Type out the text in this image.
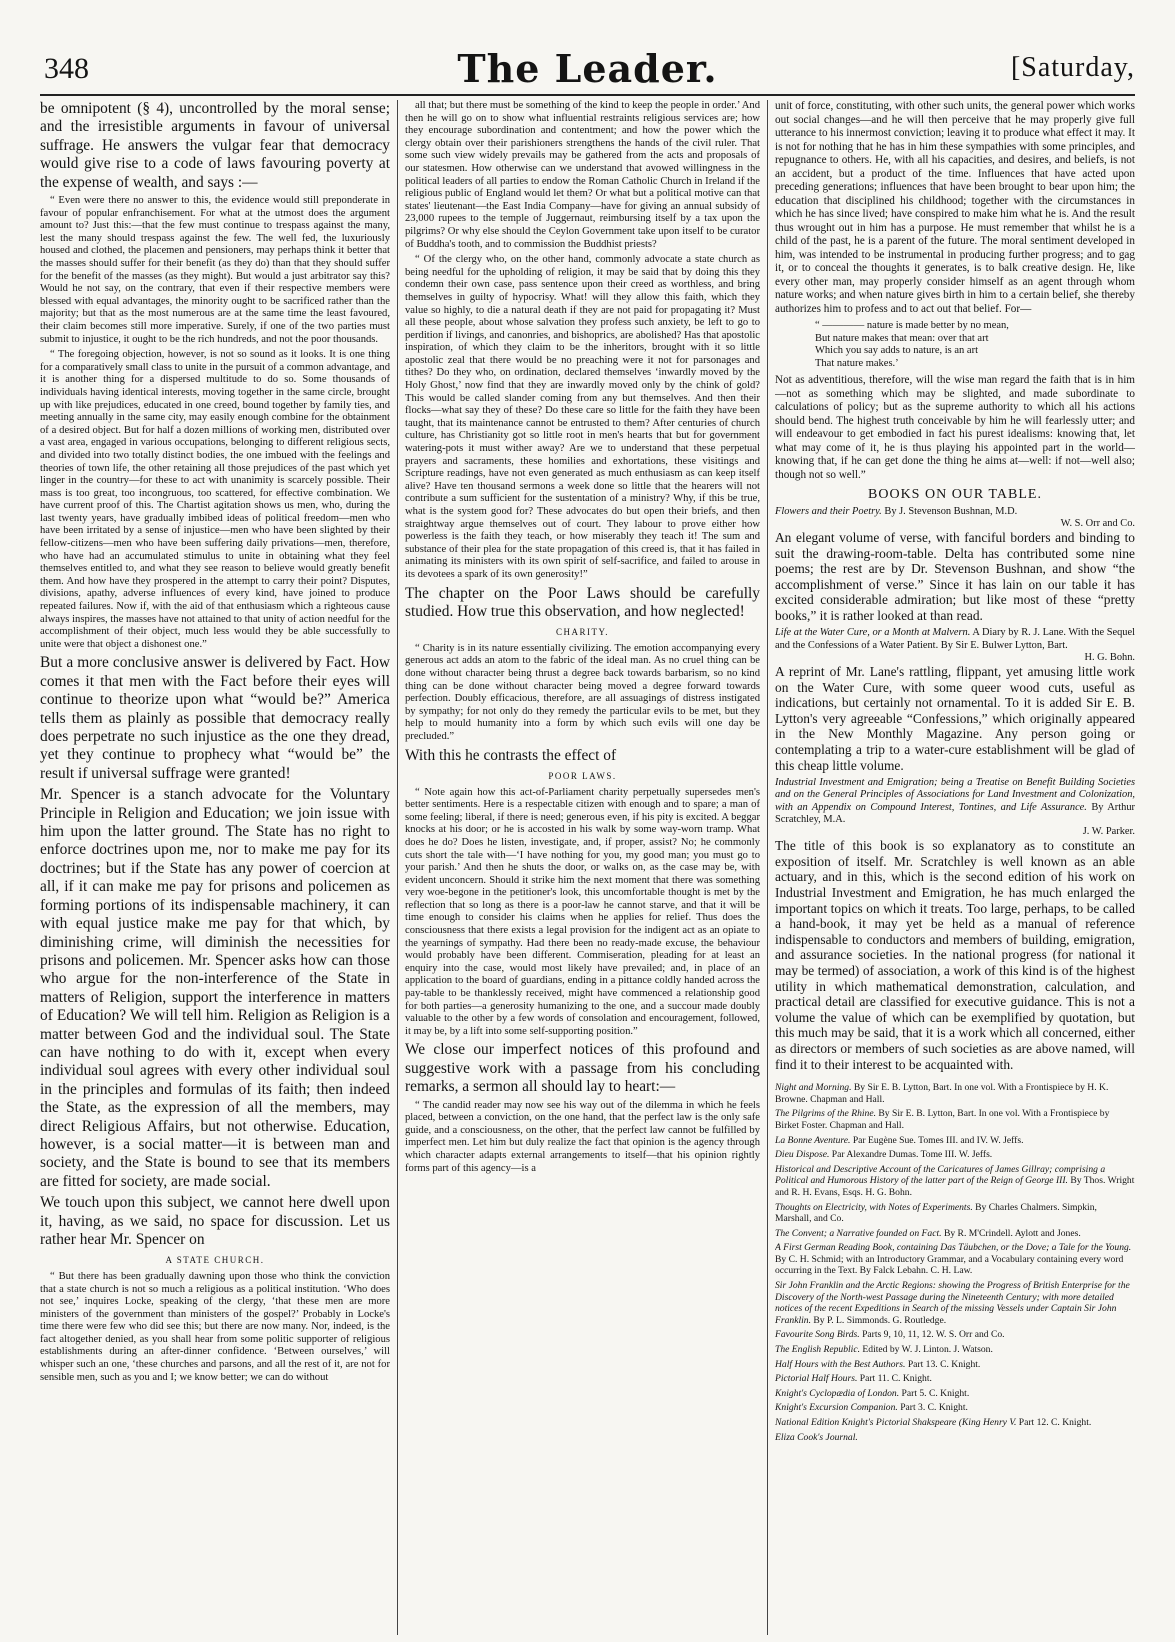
348	The Leader.	[Saturday,

be omnipotent (§ 4), uncontrolled by the moral sense; and the irresistible arguments in favour of universal suffrage. He answers the vulgar fear that democracy would give rise to a code of laws favouring poverty at the expense of wealth, and says :—

“ Even were there no answer to this, the evidence would still preponderate in favour of popular enfranchisement. For what at the utmost does the argument amount to? Just this:—that the few must continue to trespass against the many, lest the many should trespass against the few. The well fed, the luxuriously housed and clothed, the placemen and pensioners, may perhaps think it better that the masses should suffer for their benefit (as they do) than that they should suffer for the benefit of the masses (as they might). But would a just arbitrator say this? Would he not say, on the contrary, that even if their respective members were blessed with equal advantages, the minority ought to be sacrificed rather than the majority; but that as the most numerous are at the same time the least favoured, their claim becomes still more imperative. Surely, if one of the two parties must submit to injustice, it ought to be the rich hundreds, and not the poor thousands.

“ The foregoing objection, however, is not so sound as it looks. It is one thing for a comparatively small class to unite in the pursuit of a common advantage, and it is another thing for a dispersed multitude to do so. Some thousands of individuals having identical interests, moving together in the same circle, brought up with like prejudices, educated in one creed, bound together by family ties, and meeting annually in the same city, may easily enough combine for the obtainment of a desired object. But for half a dozen millions of working men, distributed over a vast area, engaged in various occupations, belonging to different religious sects, and divided into two totally distinct bodies, the one imbued with the feelings and theories of town life, the other retaining all those prejudices of the past which yet linger in the country—for these to act with unanimity is scarcely possible. Their mass is too great, too incongruous, too scattered, for effective combination. We have current proof of this. The Chartist agitation shows us men, who, during the last twenty years, have gradually imbibed ideas of political freedom—men who have been irritated by a sense of injustice—men who have been slighted by their fellow-citizens—men who have been suffering daily privations—men, therefore, who have had an accumulated stimulus to unite in obtaining what they feel themselves entitled to, and what they see reason to believe would greatly benefit them. And how have they prospered in the attempt to carry their point? Disputes, divisions, apathy, adverse influences of every kind, have joined to produce repeated failures. Now if, with the aid of that enthusiasm which a righteous cause always inspires, the masses have not attained to that unity of action needful for the accomplishment of their object, much less would they be able successfully to unite were that object a dishonest one.”

But a more conclusive answer is delivered by Fact. How comes it that men with the Fact before their eyes will continue to theorize upon what “would be?” America tells them as plainly as possible that democracy really does perpetrate no such injustice as the one they dread, yet they continue to prophecy what “would be” the result if universal suffrage were granted!

Mr. Spencer is a stanch advocate for the Voluntary Principle in Religion and Education; we join issue with him upon the latter ground. The State has no right to enforce doctrines upon me, nor to make me pay for its doctrines; but if the State has any power of coercion at all, if it can make me pay for prisons and policemen as forming portions of its indispensable machinery, it can with equal justice make me pay for that which, by diminishing crime, will diminish the necessities for prisons and policemen. Mr. Spencer asks how can those who argue for the non-interference of the State in matters of Religion, support the interference in matters of Education? We will tell him. Religion as Religion is a matter between God and the individual soul. The State can have nothing to do with it, except when every individual soul agrees with every other individual soul in the principles and formulas of its faith; then indeed the State, as the expression of all the members, may direct Religious Affairs, but not otherwise. Education, however, is a social matter—it is between man and society, and the State is bound to see that its members are fitted for society, are made social.

We touch upon this subject, we cannot here dwell upon it, having, as we said, no space for discussion. Let us rather hear Mr. Spencer on

A STATE CHURCH.

“ But there has been gradually dawning upon those who think the conviction that a state church is not so much a religious as a political institution. ‘Who does not see,’ inquires Locke, speaking of the clergy, ‘that these men are more ministers of the government than ministers of the gospel?’ Probably in Locke's time there were few who did see this; but there are now many. Nor, indeed, is the fact altogether denied, as you shall hear from some politic supporter of religious establishments during an after-dinner confidence. ‘Between ourselves,’ will whisper such an one, ‘these churches and parsons, and all the rest of it, are not for sensible men, such as you and I; we know better; we can do without

all that; but there must be something of the kind to keep the people in order.’ And then he will go on to show what influential restraints religious services are; how they encourage subordination and contentment; and how the power which the clergy obtain over their parishioners strengthens the hands of the civil ruler. That some such view widely prevails may be gathered from the acts and proposals of our statesmen. How otherwise can we understand that avowed willingness in the political leaders of all parties to endow the Roman Catholic Church in Ireland if the religious public of England would let them? Or what but a political motive can that states' lieutenant—the East India Company—have for giving an annual subsidy of 23,000 rupees to the temple of Juggernaut, reimbursing itself by a tax upon the pilgrims? Or why else should the Ceylon Government take upon itself to be curator of Buddha's tooth, and to commission the Buddhist priests?

“ Of the clergy who, on the other hand, commonly advocate a state church as being needful for the upholding of religion, it may be said that by doing this they condemn their own case, pass sentence upon their creed as worthless, and bring themselves in guilty of hypocrisy. What! will they allow this faith, which they value so highly, to die a natural death if they are not paid for propagating it? Must all these people, about whose salvation they profess such anxiety, be left to go to perdition if livings, and canonries, and bishoprics, are abolished? Has that apostolic inspiration, of which they claim to be the inheritors, brought with it so little apostolic zeal that there would be no preaching were it not for parsonages and tithes? Do they who, on ordination, declared themselves ‘inwardly moved by the Holy Ghost,’ now find that they are inwardly moved only by the chink of gold? This would be called slander coming from any but themselves. And then their flocks—what say they of these? Do these care so little for the faith they have been taught, that its maintenance cannot be entrusted to them? After centuries of church culture, has Christianity got so little root in men's hearts that but for government watering-pots it must wither away? Are we to understand that these perpetual prayers and sacraments, these homilies and exhortations, these visitings and Scripture readings, have not even generated as much enthusiasm as can keep itself alive? Have ten thousand sermons a week done so little that the hearers will not contribute a sum sufficient for the sustentation of a ministry? Why, if this be true, what is the system good for? These advocates do but open their briefs, and then straightway argue themselves out of court. They labour to prove either how powerless is the faith they teach, or how miserably they teach it! The sum and substance of their plea for the state propagation of this creed is, that it has failed in animating its ministers with its own spirit of self-sacrifice, and failed to arouse in its devotees a spark of its own generosity!”

The chapter on the Poor Laws should be carefully studied. How true this observation, and how neglected!

CHARITY.

“ Charity is in its nature essentially civilizing. The emotion accompanying every generous act adds an atom to the fabric of the ideal man. As no cruel thing can be done without character being thrust a degree back towards barbarism, so no kind thing can be done without character being moved a degree forward towards perfection. Doubly efficacious, therefore, are all assuagings of distress instigated by sympathy; for not only do they remedy the particular evils to be met, but they help to mould humanity into a form by which such evils will one day be precluded.”

With this he contrasts the effect of

POOR LAWS.

“ Note again how this act-of-Parliament charity perpetually supersedes men's better sentiments. Here is a respectable citizen with enough and to spare; a man of some feeling; liberal, if there is need; generous even, if his pity is excited. A beggar knocks at his door; or he is accosted in his walk by some way-worn tramp. What does he do? Does he listen, investigate, and, if proper, assist? No; he commonly cuts short the tale with—‘I have nothing for you, my good man; you must go to your parish.’ And then he shuts the door, or walks on, as the case may be, with evident unconcern. Should it strike him the next moment that there was something very woe-begone in the petitioner's look, this uncomfortable thought is met by the reflection that so long as there is a poor-law he cannot starve, and that it will be time enough to consider his claims when he applies for relief. Thus does the consciousness that there exists a legal provision for the indigent act as an opiate to the yearnings of sympathy. Had there been no ready-made excuse, the behaviour would probably have been different. Commiseration, pleading for at least an enquiry into the case, would most likely have prevailed; and, in place of an application to the board of guardians, ending in a pittance coldly handed across the pay-table to be thanklessly received, might have commenced a relationship good for both parties—a generosity humanizing to the one, and a succour made doubly valuable to the other by a few words of consolation and encouragement, followed, it may be, by a lift into some self-supporting position.”

We close our imperfect notices of this profound and suggestive work with a passage from his concluding remarks, a sermon all should lay to heart:—

“ The candid reader may now see his way out of the dilemma in which he feels placed, between a conviction, on the one hand, that the perfect law is the only safe guide, and a consciousness, on the other, that the perfect law cannot be fulfilled by imperfect men. Let him but duly realize the fact that opinion is the agency through which character adapts external arrangements to itself—that his opinion rightly forms part of this agency—is a

unit of force, constituting, with other such units, the general power which works out social changes—and he will then perceive that he may properly give full utterance to his innermost conviction; leaving it to produce what effect it may. It is not for nothing that he has in him these sympathies with some principles, and repugnance to others. He, with all his capacities, and desires, and beliefs, is not an accident, but a product of the time. Influences that have acted upon preceding generations; influences that have been brought to bear upon him; the education that disciplined his childhood; together with the circumstances in which he has since lived; have conspired to make him what he is. And the result thus wrought out in him has a purpose. He must remember that whilst he is a child of the past, he is a parent of the future. The moral sentiment developed in him, was intended to be instrumental in producing further progress; and to gag it, or to conceal the thoughts it generates, is to balk creative design. He, like every other man, may properly consider himself as an agent through whom nature works; and when nature gives birth in him to a certain belief, she thereby authorizes him to profess and to act out that belief. For—

“ ———— nature is made better by no mean,
But nature makes that mean: over that art
Which you say adds to nature, is an art
That nature makes.’

Not as adventitious, therefore, will the wise man regard the faith that is in him—not as something which may be slighted, and made subordinate to calculations of policy; but as the supreme authority to which all his actions should bend. The highest truth conceivable by him he will fearlessly utter; and will endeavour to get embodied in fact his purest idealisms: knowing that, let what may come of it, he is thus playing his appointed part in the world—knowing that, if he can get done the thing he aims at—well: if not—well also; though not so well.”

BOOKS ON OUR TABLE.
Flowers and their Poetry. By J. Stevenson Bushnan, M.D.
W. S. Orr and Co.

An elegant volume of verse, with fanciful borders and binding to suit the drawing-room-table. Delta has contributed some nine poems; the rest are by Dr. Stevenson Bushnan, and show “the accomplishment of verse.” Since it has lain on our table it has excited considerable admiration; but like most of these “pretty books,” it is rather looked at than read.

Life at the Water Cure, or a Month at Malvern. A Diary by R. J. Lane. With the Sequel and the Confessions of a Water Patient. By Sir E. Bulwer Lytton, Bart.
H. G. Bohn.

A reprint of Mr. Lane's rattling, flippant, yet amusing little work on the Water Cure, with some queer wood cuts, useful as indications, but certainly not ornamental. To it is added Sir E. B. Lytton's very agreeable “Confessions,” which originally appeared in the New Monthly Magazine. Any person going or contemplating a trip to a water-cure establishment will be glad of this cheap little volume.

Industrial Investment and Emigration; being a Treatise on Benefit Building Societies and on the General Principles of Associations for Land Investment and Colonization, with an Appendix on Compound Interest, Tontines, and Life Assurance. By Arthur Scratchley, M.A.
J. W. Parker.

The title of this book is so explanatory as to constitute an exposition of itself. Mr. Scratchley is well known as an able actuary, and in this, which is the second edition of his work on Industrial Investment and Emigration, he has much enlarged the important topics on which it treats. Too large, perhaps, to be called a hand-book, it may yet be held as a manual of reference indispensable to conductors and members of building, emigration, and assurance societies. In the national progress (for national it may be termed) of association, a work of this kind is of the highest utility in which mathematical demonstration, calculation, and practical detail are classified for executive guidance. This is not a volume the value of which can be exemplified by quotation, but this much may be said, that it is a work which all concerned, either as directors or members of such societies as are above named, will find it to their interest to be acquainted with.

Night and Morning. By Sir E. B. Lytton, Bart. In one vol. With a Frontispiece by H. K. Browne. Chapman and Hall.
The Pilgrims of the Rhine. By Sir E. B. Lytton, Bart. In one vol. With a Frontispiece by Birket Foster. Chapman and Hall.
La Bonne Aventure. Par Eugène Sue. Tomes III. and IV. W. Jeffs.
Dieu Dispose. Par Alexandre Dumas. Tome III. W. Jeffs.
Historical and Descriptive Account of the Caricatures of James Gillray; comprising a Political and Humorous History of the latter part of the Reign of George III. By Thos. Wright and R. H. Evans, Esqs. H. G. Bohn.
Thoughts on Electricity, with Notes of Experiments. By Charles Chalmers. Simpkin, Marshall, and Co.
The Convent; a Narrative founded on Fact. By R. M'Crindell. Aylott and Jones.
A First German Reading Book, containing Das Täubchen, or the Dove; a Tale for the Young. By C. H. Schmid; with an Introductory Grammar, and a Vocabulary containing every word occurring in the Text. By Falck Lebahn. C. H. Law.
Sir John Franklin and the Arctic Regions: showing the Progress of British Enterprise for the Discovery of the North-west Passage during the Nineteenth Century; with more detailed notices of the recent Expeditions in Search of the missing Vessels under Captain Sir John Franklin. By P. L. Simmonds. G. Routledge.
Favourite Song Birds. Parts 9, 10, 11, 12. W. S. Orr and Co.
The English Republic. Edited by W. J. Linton. J. Watson.
Half Hours with the Best Authors. Part 13. C. Knight.
Pictorial Half Hours. Part 11. C. Knight.
Knight's Cyclopædia of London. Part 5. C. Knight.
Knight's Excursion Companion. Part 3. C. Knight.
National Edition Knight's Pictorial Shakspeare (King Henry V. Part 12. C. Knight.
Eliza Cook's Journal.
